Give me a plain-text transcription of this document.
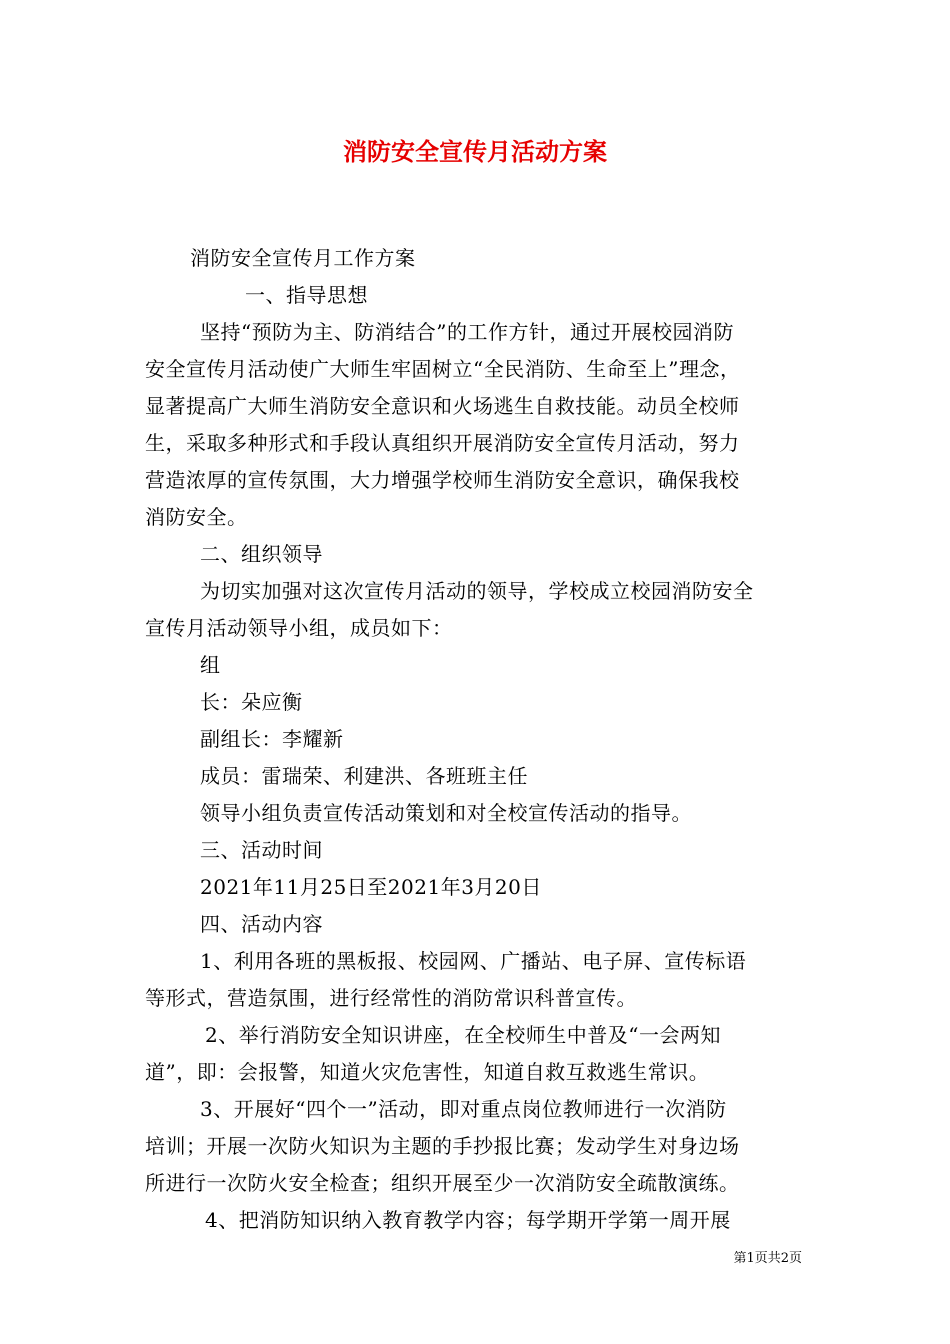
消防安全宣传月活动方案
消防安全宣传月工作方案
一、指导思想
坚持“预防为主、防消结合”的工作方针，通过开展校园消防
安全宣传月活动使广大师生牢固树立“全民消防、生命至上”理念，
显著提高广大师生消防安全意识和火场逃生自救技能。动员全校师
生，采取多种形式和手段认真组织开展消防安全宣传月活动，努力
营造浓厚的宣传氛围，大力增强学校师生消防安全意识，确保我校
消防安全。
二、组织领导
为切实加强对这次宣传月活动的领导，学校成立校园消防安全
宣传月活动领导小组，成员如下：
组
长：朵应衡
副组长：李耀新
成员：雷瑞荣、利建洪、各班班主任
领导小组负责宣传活动策划和对全校宣传活动的指导。
三、活动时间
2021年11月25日至2021年3月20日
四、活动内容
1、利用各班的黑板报、校园网、广播站、电子屏、宣传标语
等形式，营造氛围，进行经常性的消防常识科普宣传。
2、举行消防安全知识讲座，在全校师生中普及“一会两知
道”，即：会报警，知道火灾危害性，知道自救互救逃生常识。
3、开展好“四个一”活动，即对重点岗位教师进行一次消防
培训；开展一次防火知识为主题的手抄报比赛；发动学生对身边场
所进行一次防火安全检查；组织开展至少一次消防安全疏散演练。
4、把消防知识纳入教育教学内容；每学期开学第一周开展
第1页共2页
